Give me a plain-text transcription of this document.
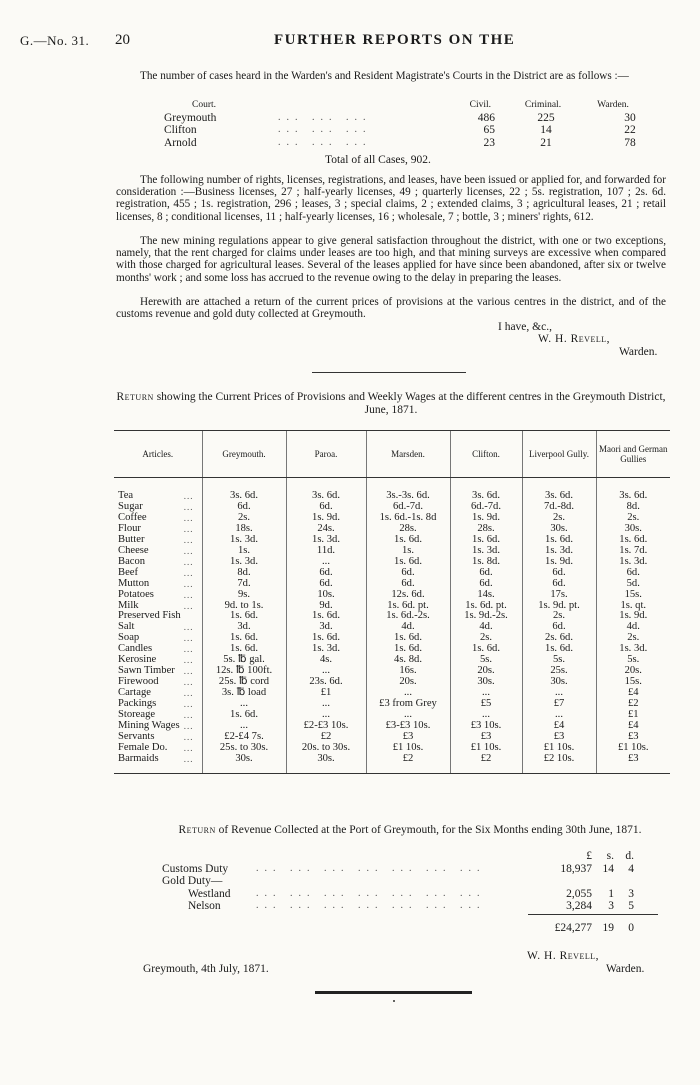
G.—No. 31. 20	FURTHER REPORTS ON THE
The number of cases heard in the Warden's and Resident Magistrate's Courts in the District are as follows :—
Court.	Civil.	Criminal.	Warden.
Greymouth	... ... ...	486	225	30
Clifton	... ... ...	65	14	22
Arnold	... ... ...	23	21	78
Total of all Cases, 902.
The following number of rights, licenses, registrations, and leases, have been issued or applied for, and forwarded for consideration :—Business licenses, 27 ; half-yearly licenses, 49 ; quarterly licenses, 22 ; 5s. registration, 107 ; 2s. 6d. registration, 455 ; 1s. registration, 296 ; leases, 3 ; special claims, 2 ; extended claims, 3 ; agricultural leases, 21 ; retail licenses, 8 ; conditional licenses, 11 ; half-yearly licenses, 16 ; wholesale, 7 ; bottle, 3 ; miners' rights, 612.
The new mining regulations appear to give general satisfaction throughout the district, with one or two exceptions, namely, that the rent charged for claims under leases are too high, and that mining surveys are excessive when compared with those charged for agricultural leases. Several of the leases applied for have since been abandoned, after six or twelve months' work ; and some loss has accrued to the revenue owing to the delay in preparing the leases.
Herewith are attached a return of the current prices of provisions at the various centres in the district, and of the customs revenue and gold duty collected at Greymouth.
I have, &c.,
W. H. Revell,
Warden.
Return showing the Current Prices of Provisions and Weekly Wages at the different centres in the Greymouth District, June, 1871.
Articles.	Greymouth.	Paroa.	Marsden.	Clifton.	Liverpool Gully.	Maori and German Gullies

Tea ...	3s. 6d.	3s. 6d.	3s.-3s. 6d.	3s. 6d.	3s. 6d.	3s. 6d.

Sugar ...	6d.	6d.	6d.-7d.	6d.-7d.	7d.-8d.	8d.

Coffee ...	2s.	1s. 9d.	1s. 6d.-1s. 8d	1s. 9d.	2s.	2s.

Flour ...	18s.	24s.	28s.	28s.	30s.	30s.

Butter ...	1s. 3d.	1s. 3d.	1s. 6d.	1s. 6d.	1s. 6d.	1s. 6d.

Cheese ...	1s.	11d.	1s.	1s. 3d.	1s. 3d.	1s. 7d.

Bacon ...	1s. 3d.	...	1s. 6d.	1s. 8d.	1s. 9d.	1s. 3d.

Beef ...	8d.	6d.	6d.	6d.	6d.	6d.

Mutton ...	7d.	6d.	6d.	6d.	6d.	5d.

Potatoes ...	9s.	10s.	12s. 6d.	14s.	17s.	15s.

Milk ...	9d. to 1s.	9d.	1s. 6d. pt.	1s. 6d. pt.	1s. 9d. pt.	1s. qt.

Preserved Fish	1s. 6d.	1s. 6d.	1s. 6d.-2s.	1s. 9d.-2s.	2s.	1s. 9d.

Salt ...	3d.	3d.	4d.	4d.	6d.	4d.

Soap ...	1s. 6d.	1s. 6d.	1s. 6d.	2s.	2s. 6d.	2s.

Candles ...	1s. 6d.	1s. 3d.	1s. 6d.	1s. 6d.	1s. 6d.	1s. 3d.

Kerosine ...	5s. ℔ gal.	4s.	4s. 8d.	5s.	5s.	5s.

Sawn Timber ...	12s. ℔ 100ft.	...	16s.	20s.	25s.	20s.

Firewood ...	25s. ℔ cord	23s. 6d.	20s.	30s.	30s.	15s.

Cartage ...	3s. ℔ load	£1	...	...	...	£4

Packings ...	...	...	£3 from Grey	£5	£7	£2

Storeage ...	1s. 6d.	...	...	...	...	£1

Mining Wages ...	...	£2-£3 10s.	£3-£3 10s.	£3 10s.	£4	£4

Servants ...	£2-£4 7s.	£2	£3	£3	£3	£3

Female Do. ...	25s. to 30s.	20s. to 30s.	£1 10s.	£1 10s.	£1 10s.	£1 10s.

Barmaids ...	30s.	30s.	£2	£2	£2 10s.	£3
Return of Revenue Collected at the Port of Greymouth, for the Six Months ending 30th June, 1871.
£	s. d.
Customs Duty	... ... ... ... ... ... ...	18,937 14	4
Gold Duty—
Westland	... ... ... ... ... ... ...	2,055	1	3
Nelson	... ... ... ... ... ... ...	3,284	3	5
£24,277 19	0
W. H. Revell,
Greymouth, 4th July, 1871.	Warden.
